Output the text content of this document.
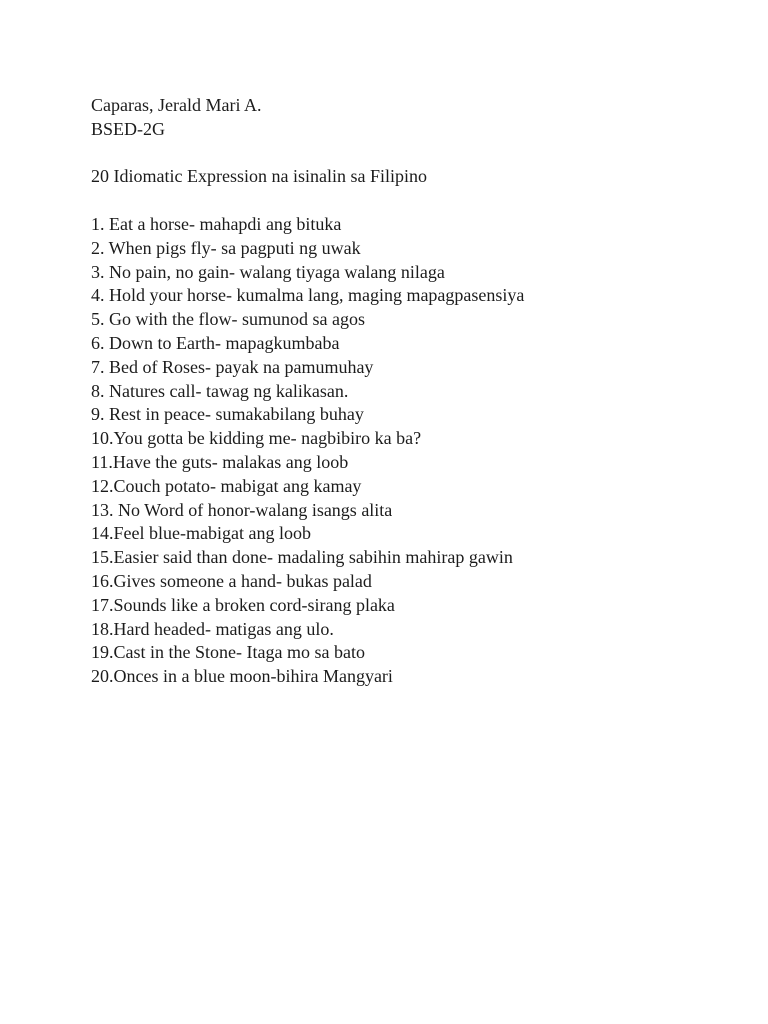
Caparas, Jerald Mari A.
BSED-2G
20 Idiomatic Expression na isinalin sa Filipino
1. Eat a horse- mahapdi ang bituka
2. When pigs fly- sa pagputi ng uwak
3. No pain, no gain- walang tiyaga walang nilaga
4. Hold your horse- kumalma lang, maging mapagpasensiya
5. Go with the flow- sumunod sa agos
6. Down to Earth- mapagkumbaba
7. Bed of Roses- payak na pamumuhay
8. Natures call- tawag ng kalikasan.
9. Rest in peace- sumakabilang buhay
10.You gotta be kidding me- nagbibiro ka ba?
11.Have the guts- malakas ang loob
12.Couch potato- mabigat ang kamay
13. No Word of honor-walang isangs alita
14.Feel blue-mabigat ang loob
15.Easier said than done- madaling sabihin mahirap gawin
16.Gives someone a hand- bukas palad
17.Sounds like a broken cord-sirang plaka
18.Hard headed- matigas ang ulo.
19.Cast in the Stone- Itaga mo sa bato
20.Onces in a blue moon-bihira Mangyari
